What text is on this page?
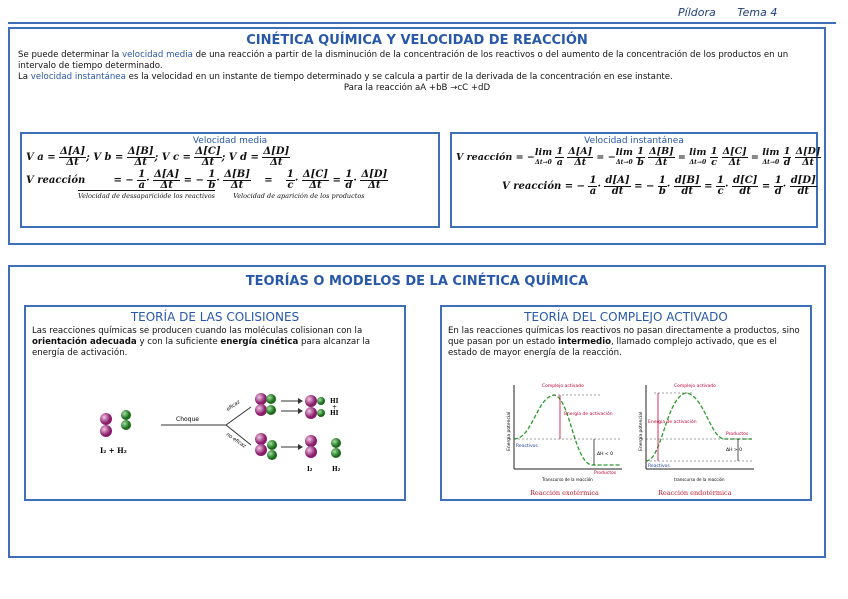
Píldora Tema 4
CINÉTICA QUÍMICA Y VELOCIDAD DE REACCIÓN
Se puede determinar la velocidad media de una reacción a partir de la disminución de la concentración de los reactivos o del aumento de la concentración de los productos en un intervalo de tiempo determinado.
La velocidad instantánea es la velocidad en un instante de tiempo determinado y se calcula a partir de la derivada de la concentración en ese instante.
Para la reacción aA +bB →cC +dD
Velocidad media
V $a = \frac{\Delta[A]}{\Delta t}$ ; V $b = \frac{\Delta[B]}{\Delta t}$ ; V $c = \frac{\Delta[C]}{\Delta t}$ ; V $d = \frac{\Delta[D]}{\Delta t}$
V reacción = − $\frac{1}{a} \cdot \frac{\Delta[A]}{\Delta t}$ = − $\frac{1}{b} \cdot \frac{\Delta[B]}{\Delta t} = \frac{1}{c} \cdot \frac{\Delta[C]}{\Delta t} = \frac{1}{d} \cdot \frac{\Delta[D]}{\Delta t}$
Velocidad de dessaparicióde los reactivos	Velocidad de aparición de los productos
Velocidad instantánea
V reacción = − lim
Δt→0
$\frac{1}{a}$
$\frac{\Delta[A]}{\Delta t}$ = − lim
Δt→0
$\frac{1}{b}$
$\frac{\Delta[B]}{\Delta t} = \lim$
Δt→0
$\frac{1}{c}$
$\frac{\Delta[C]}{\Delta t} = \lim$
Δt→0
$\frac{1}{d}$
$\frac{\Delta[D]}{\Delta t}$
V reacción = − $\frac{1}{a} \cdot \frac{d[A]}{dt}$ = − $\frac{1}{b} \cdot \frac{d[B]}{dt} = \frac{1}{c} \cdot \frac{d[C]}{dt} = \frac{1}{d} \cdot \frac{d[D]}{dt}$
TEORÍAS O MODELOS DE LA CINÉTICA QUÍMICA
TEORÍA DE LAS COLISIONES
Las reacciones químicas se producen cuando las moléculas colisionan con la orientación adecuada y con la suficiente energía cinética para alcanzar la energía de activación.
I₂ + H₂
Choque
eficaz
no eficaz
HI
+
HI
I₂	H₂
TEORÍA DEL COMPLEJO ACTIVADO
En las reacciones químicas los reactivos no pasan directamente a productos, sino que pasan por un estado intermedio, llamado complejo activado, que es el estado de mayor energía de la reacción.
Energía potencial
Complejo activado
Energía de activación
Reactivos
ΔH < 0
Productos
Transcurso de la reacción
Reacción exotérmica
Energía potencial
Complejo activado
Energía de activación
Productos
ΔH > 0
Reactivos
transcurso de la reacción
Reacción endotérmica
